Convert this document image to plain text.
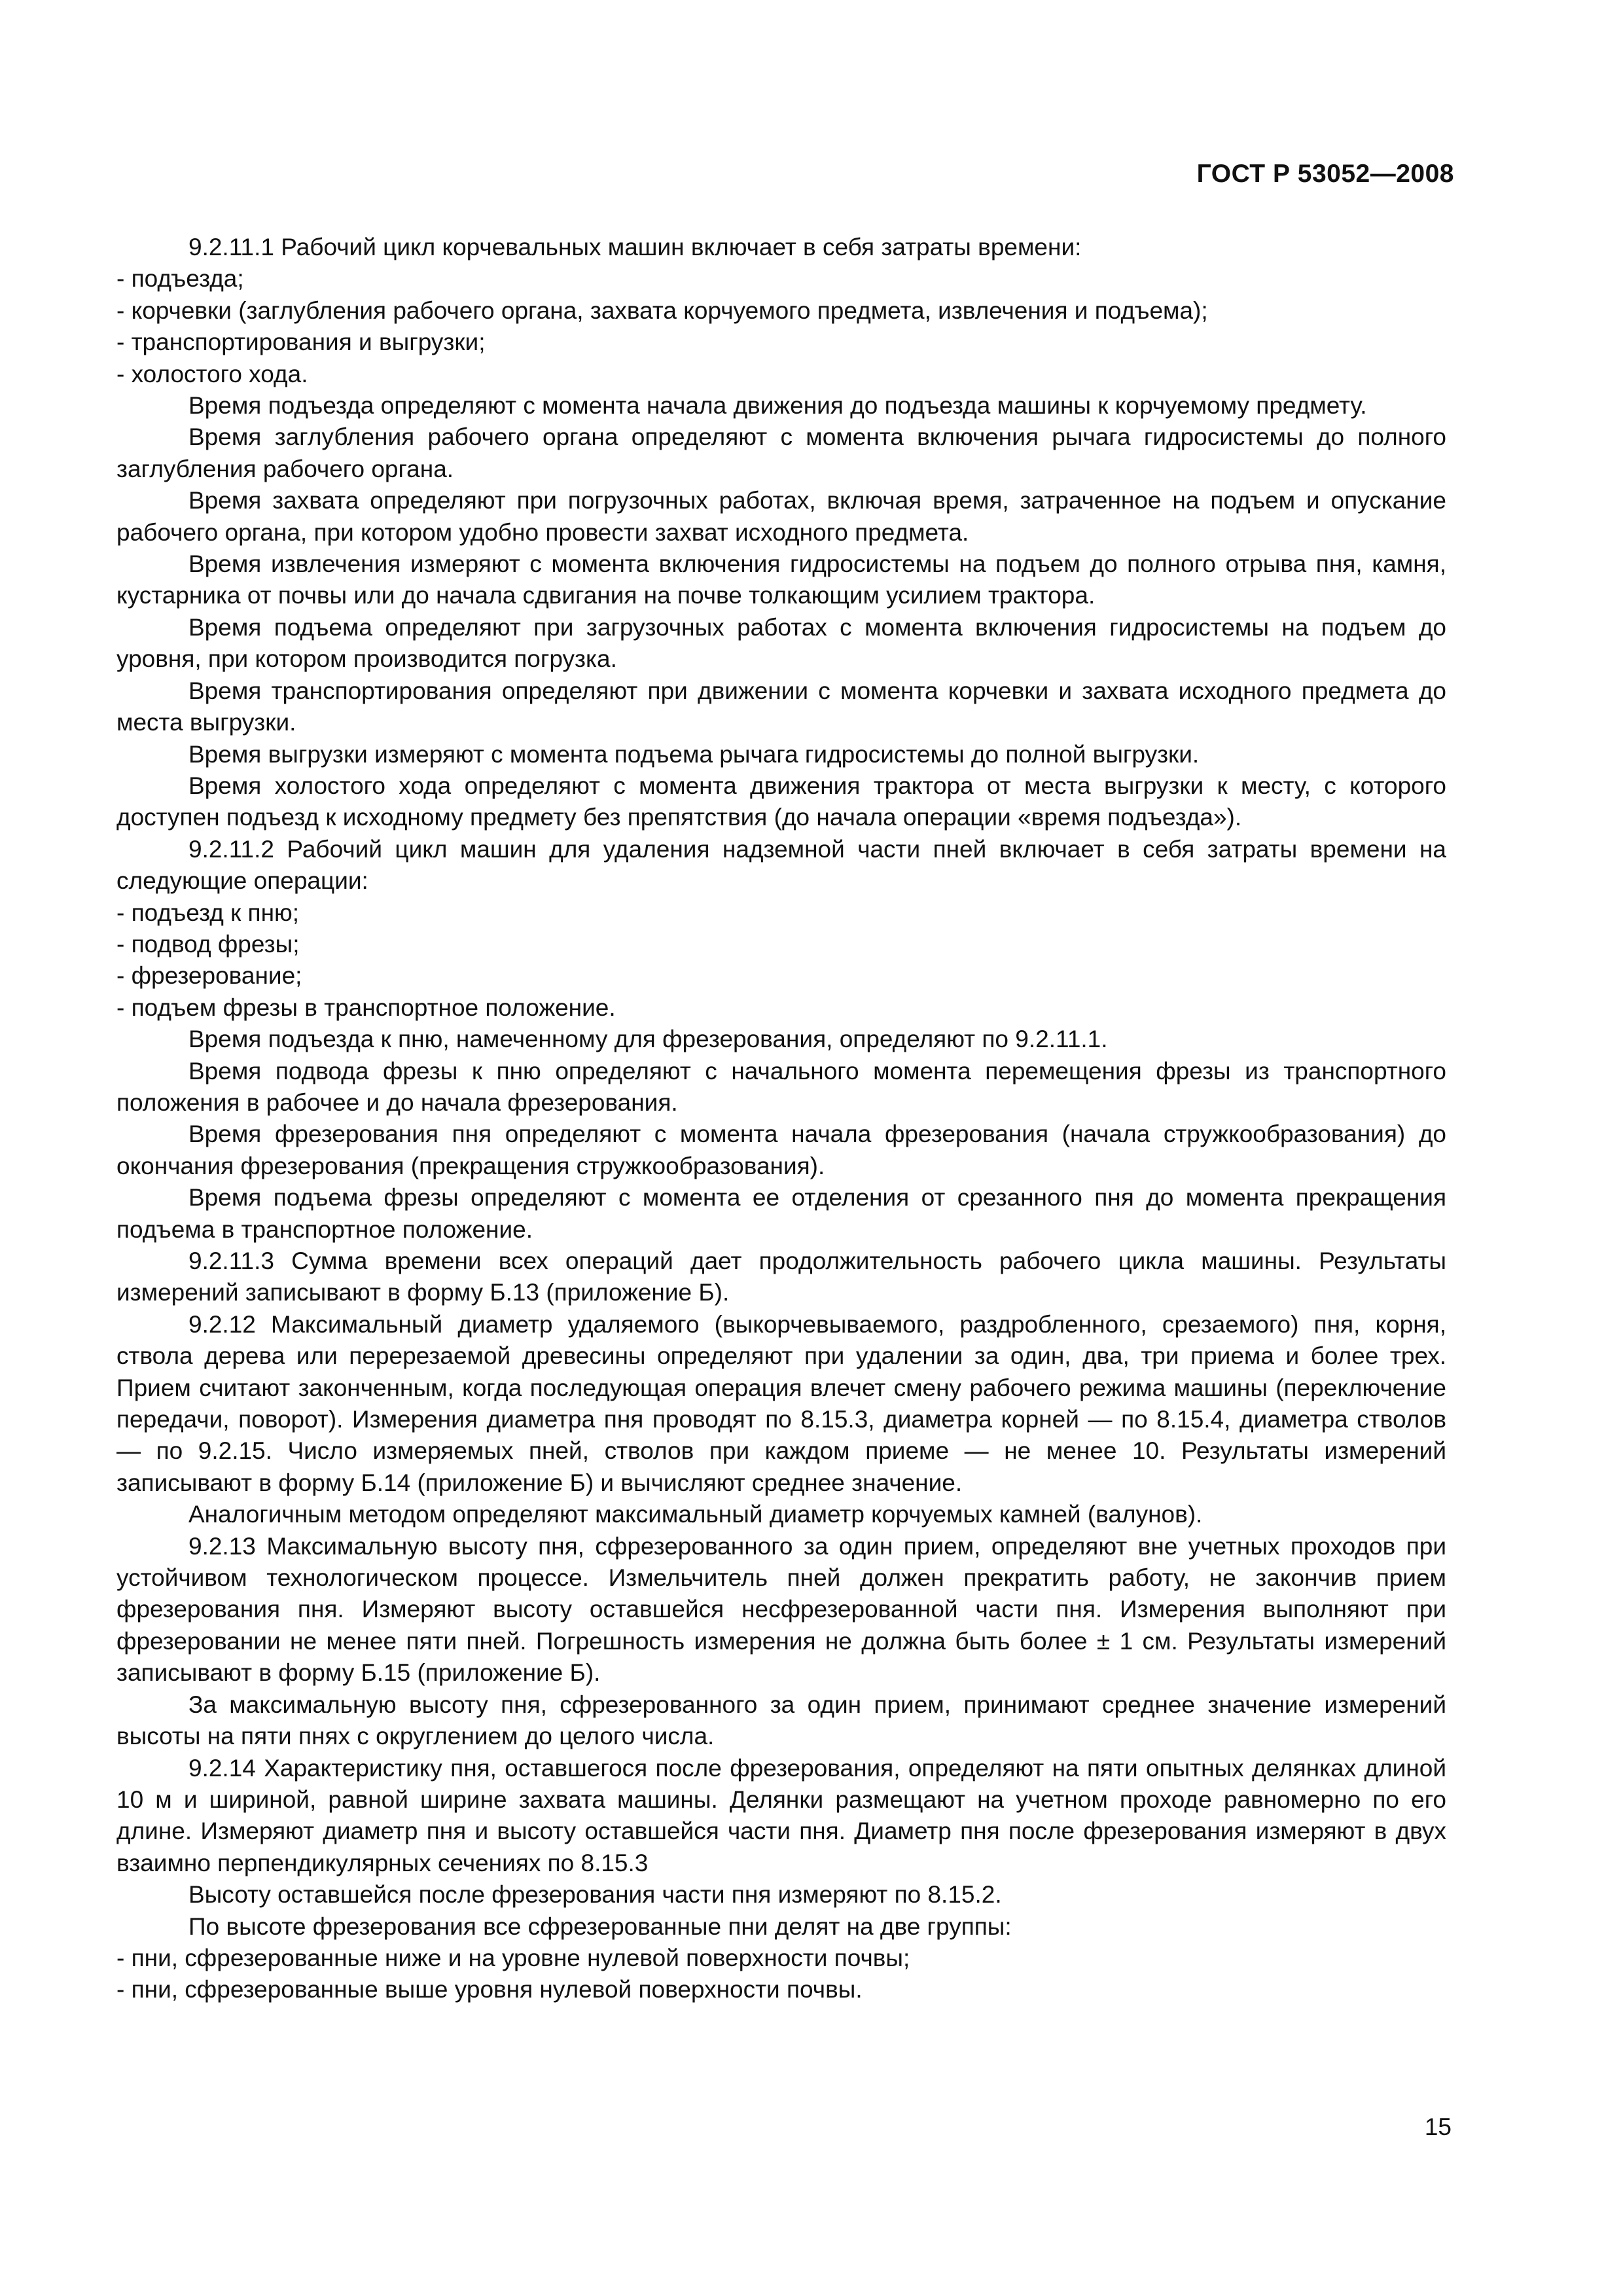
ГОСТ Р 53052—2008

9.2.11.1 Рабочий цикл корчевальных машин включает в себя затраты времени:

- подъезда;

- корчевки (заглубления рабочего органа, захвата корчуемого предмета, извлечения и подъема);

- транспортирования и выгрузки;

- холостого хода.

Время подъезда определяют с момента начала движения до подъезда машины к корчуемому предмету.

Время заглубления рабочего органа определяют с момента включения рычага гидросистемы до полного заглубления рабочего органа.

Время захвата определяют при погрузочных работах, включая время, затраченное на подъем и опускание рабочего органа, при котором удобно провести захват исходного предмета.

Время извлечения измеряют с момента включения гидросистемы на подъем до полного отрыва пня, камня, кустарника от почвы или до начала сдвигания на почве толкающим усилием трактора.

Время подъема определяют при загрузочных работах с момента включения гидросистемы на подъем до уровня, при котором производится погрузка.

Время транспортирования определяют при движении с момента корчевки и захвата исходного предмета до места выгрузки.

Время выгрузки измеряют с момента подъема рычага гидросистемы до полной выгрузки.

Время холостого хода определяют с момента движения трактора от места выгрузки к месту, с которого доступен подъезд к исходному предмету без препятствия (до начала операции «время подъезда»).

9.2.11.2 Рабочий цикл машин для удаления надземной части пней включает в себя затраты времени на следующие операции:

- подъезд к пню;

- подвод фрезы;

- фрезерование;

- подъем фрезы в транспортное положение.

Время подъезда к пню, намеченному для фрезерования, определяют по 9.2.11.1.

Время подвода фрезы к пню определяют с начального момента перемещения фрезы из транспортного положения в рабочее и до начала фрезерования.

Время фрезерования пня определяют с момента начала фрезерования (начала стружкообразования) до окончания фрезерования (прекращения стружкообразования).

Время подъема фрезы определяют с момента ее отделения от срезанного пня до момента прекращения подъема в транспортное положение.

9.2.11.3 Сумма времени всех операций дает продолжительность рабочего цикла машины. Результаты измерений записывают в форму Б.13 (приложение Б).

9.2.12 Максимальный диаметр удаляемого (выкорчевываемого, раздробленного, срезаемого) пня, корня, ствола дерева или перерезаемой древесины определяют при удалении за один, два, три приема и более трех. Прием считают законченным, когда последующая операция влечет смену рабочего режима машины (переключение передачи, поворот). Измерения диаметра пня проводят по 8.15.3, диаметра корней — по 8.15.4, диаметра стволов — по 9.2.15. Число измеряемых пней, стволов при каждом приеме — не менее 10. Результаты измерений записывают в форму Б.14 (приложение Б) и вычисляют среднее значение.

Аналогичным методом определяют максимальный диаметр корчуемых камней (валунов).

9.2.13 Максимальную высоту пня, сфрезерованного за один прием, определяют вне учетных проходов при устойчивом технологическом процессе. Измельчитель пней должен прекратить работу, не закончив прием фрезерования пня. Измеряют высоту оставшейся несфрезерованной части пня. Измерения выполняют при фрезеровании не менее пяти пней. Погрешность измерения не должна быть более ± 1 см. Результаты измерений записывают в форму Б.15 (приложение Б).

За максимальную высоту пня, сфрезерованного за один прием, принимают среднее значение измерений высоты на пяти пнях с округлением до целого числа.

9.2.14 Характеристику пня, оставшегося после фрезерования, определяют на пяти опытных делянках длиной 10 м и шириной, равной ширине захвата машины. Делянки размещают на учетном проходе равномерно по его длине. Измеряют диаметр пня и высоту оставшейся части пня. Диаметр пня после фрезерования измеряют в двух взаимно перпендикулярных сечениях по 8.15.3

Высоту оставшейся после фрезерования части пня измеряют по 8.15.2.

По высоте фрезерования все сфрезерованные пни делят на две группы:

- пни, сфрезерованные ниже и на уровне нулевой поверхности почвы;

- пни, сфрезерованные выше уровня нулевой поверхности почвы.

15
